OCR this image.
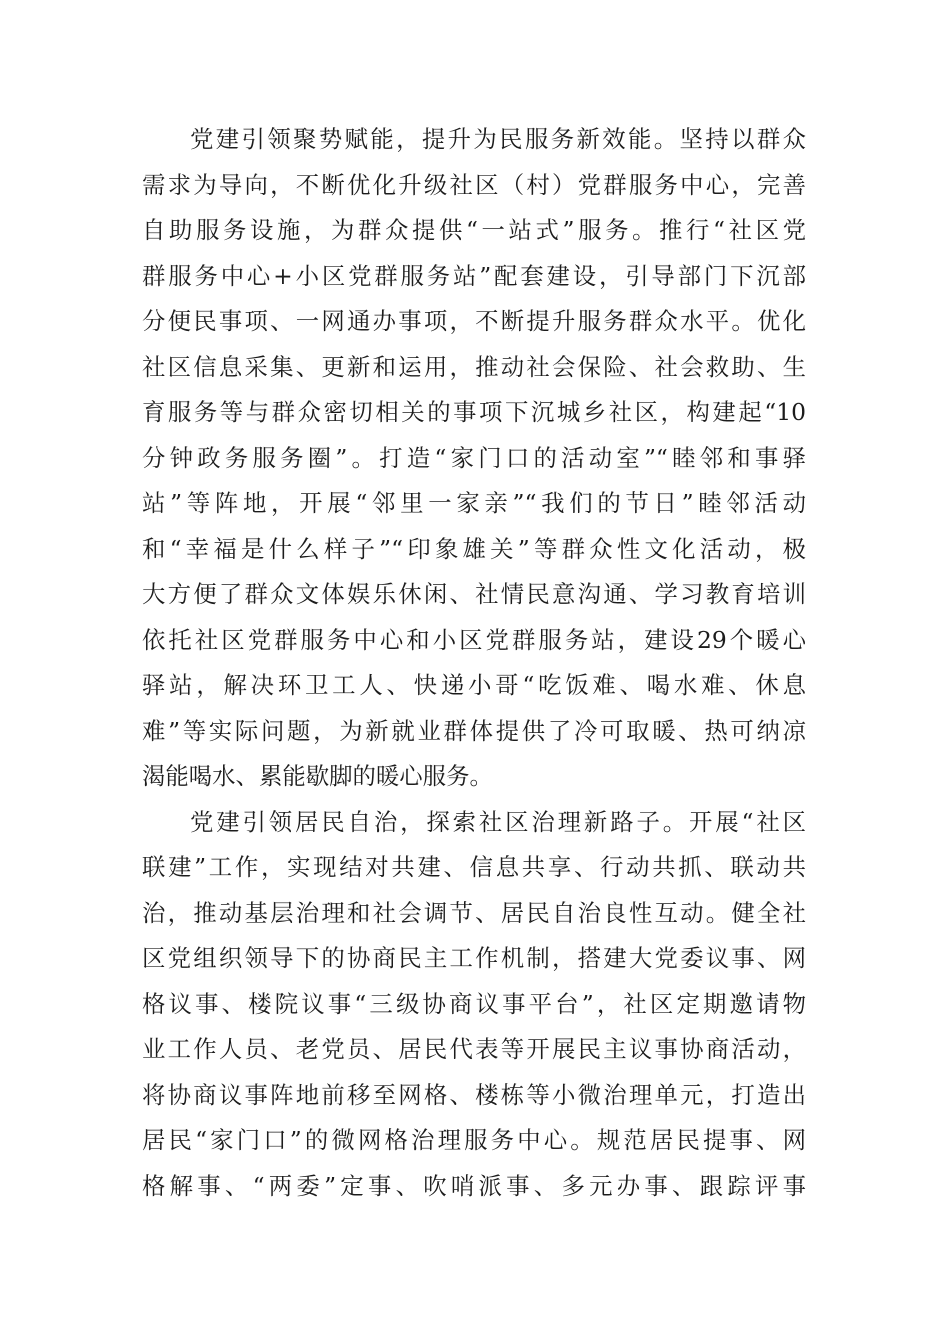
党建引领聚势赋能，提升为民服务新效能。坚持以群众
需求为导向，不断优化升级社区（村）党群服务中心，完善
自助服务设施，为群众提供“一站式”服务。推行“社区党
群服务中心+小区党群服务站”配套建设，引导部门下沉部
分便民事项、一网通办事项，不断提升服务群众水平。优化
社区信息采集、更新和运用，推动社会保险、社会救助、生
育服务等与群众密切相关的事项下沉城乡社区，构建起“10
分钟政务服务圈”。打造“家门口的活动室”“睦邻和事驿
站”等阵地，开展“邻里一家亲”“我们的节日”睦邻活动
和“幸福是什么样子”“印象雄关”等群众性文化活动，极
大方便了群众文体娱乐休闲、社情民意沟通、学习教育培训
依托社区党群服务中心和小区党群服务站，建设29个暖心
驿站，解决环卫工人、快递小哥“吃饭难、喝水难、休息
难”等实际问题，为新就业群体提供了冷可取暖、热可纳凉
渴能喝水、累能歇脚的暖心服务。
党建引领居民自治，探索社区治理新路子。开展“社区
联建”工作，实现结对共建、信息共享、行动共抓、联动共
治，推动基层治理和社会调节、居民自治良性互动。健全社
区党组织领导下的协商民主工作机制，搭建大党委议事、网
格议事、楼院议事“三级协商议事平台”，社区定期邀请物
业工作人员、老党员、居民代表等开展民主议事协商活动，
将协商议事阵地前移至网格、楼栋等小微治理单元，打造出
居民“家门口”的微网格治理服务中心。规范居民提事、网
格解事、“两委”定事、吹哨派事、多元办事、跟踪评事
